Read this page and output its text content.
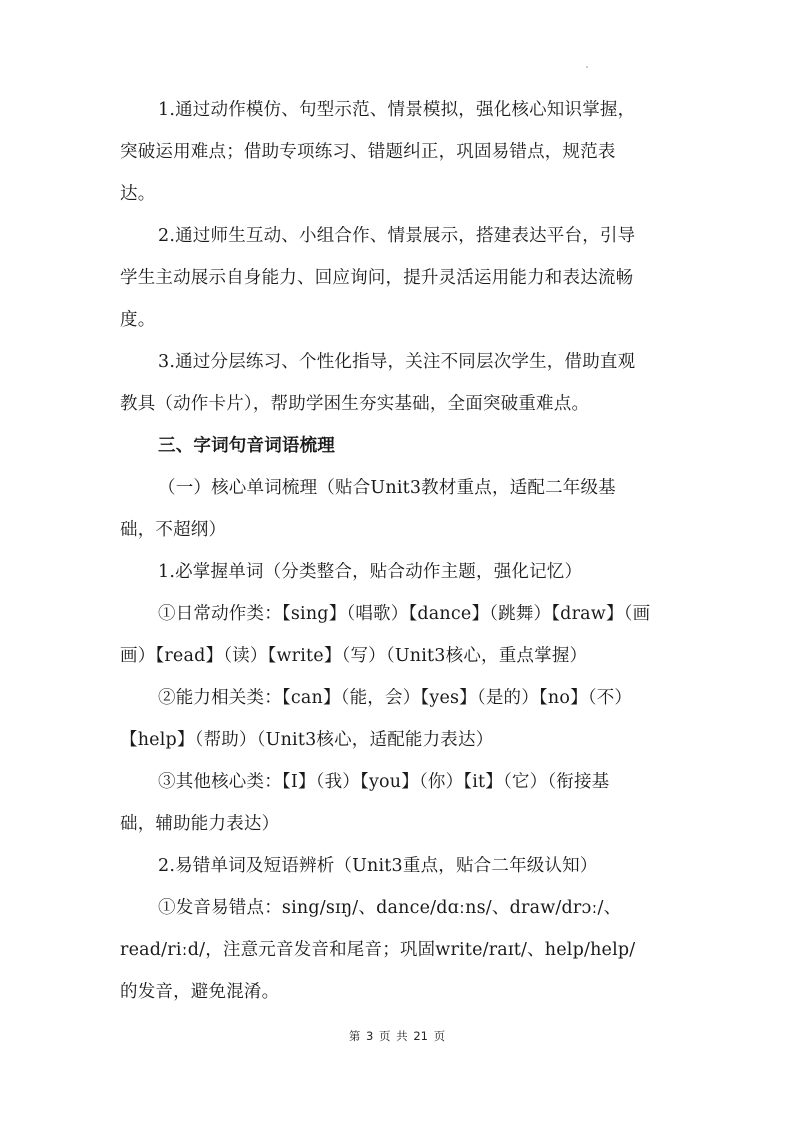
1.通过动作模仿、句型示范、情景模拟，强化核心知识掌握，
突破运用难点；借助专项练习、错题纠正，巩固易错点，规范表
达。
2.通过师生互动、小组合作、情景展示，搭建表达平台，引导
学生主动展示自身能力、回应询问，提升灵活运用能力和表达流畅
度。
3.通过分层练习、个性化指导，关注不同层次学生，借助直观
教具（动作卡片），帮助学困生夯实基础，全面突破重难点。
三、字词句音词语梳理
（一）核心单词梳理（贴合Unit3教材重点，适配二年级基
础，不超纲）
1.必掌握单词（分类整合，贴合动作主题，强化记忆）
①日常动作类：【sing】（唱歌）【dance】（跳舞）【draw】（画
画）【read】（读）【write】（写）（Unit3核心，重点掌握）
②能力相关类：【can】（能，会）【yes】（是的）【no】（不）
【help】（帮助）（Unit3核心，适配能力表达）
③其他核心类：【I】（我）【you】（你）【it】（它）（衔接基
础，辅助能力表达）
2.易错单词及短语辨析（Unit3重点，贴合二年级认知）
①发音易错点：sing/sɪŋ/、dance/dɑːns/、draw/drɔː/、
read/riːd/，注意元音发音和尾音；巩固write/raɪt/、help/help/
的发音，避免混淆。
第 3 页 共 21 页
